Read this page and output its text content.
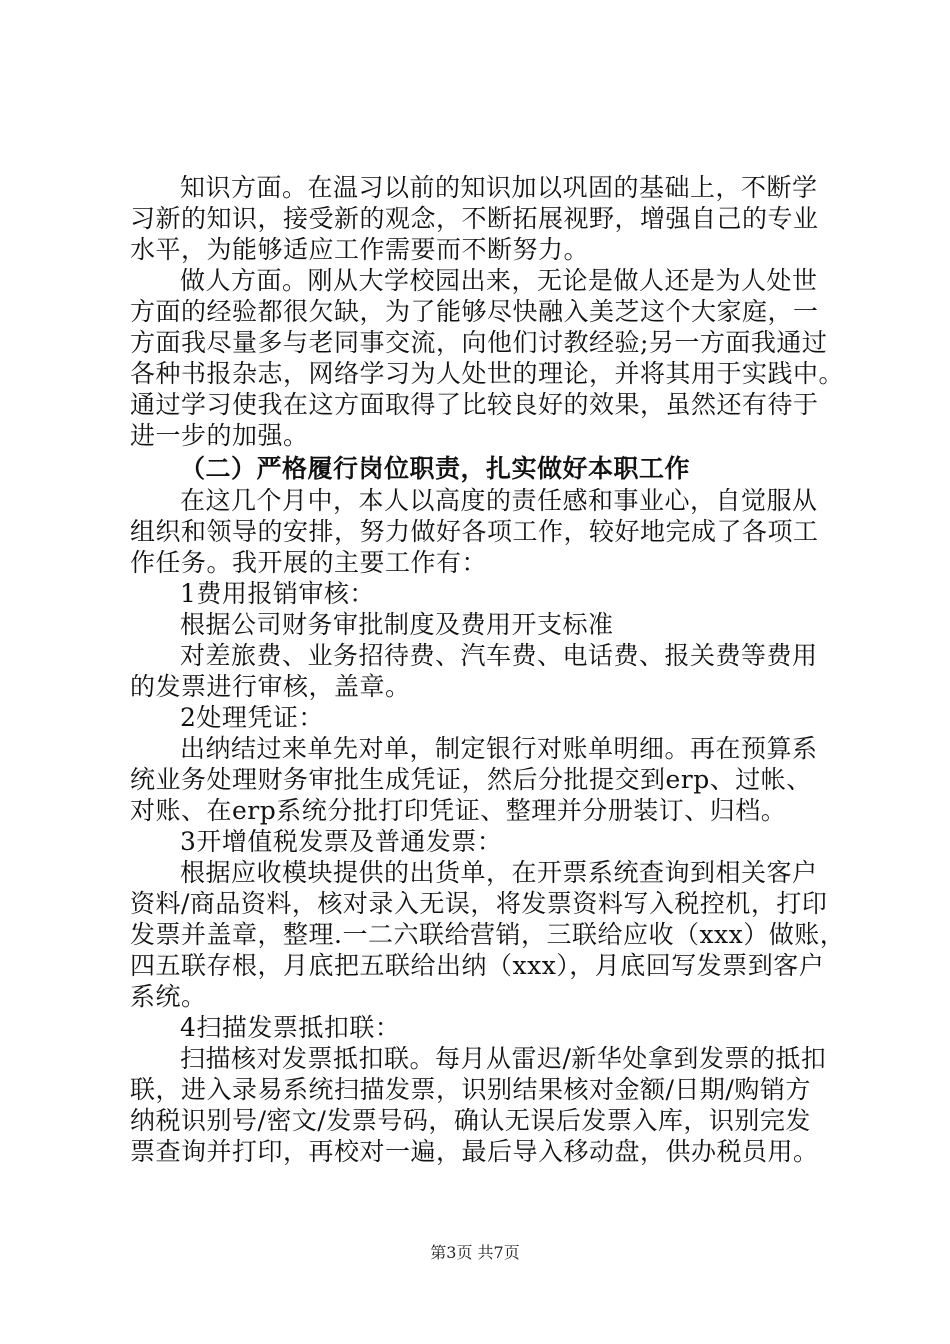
知识方面。在温习以前的知识加以巩固的基础上，不断学
习新的知识，接受新的观念，不断拓展视野，增强自己的专业
水平，为能够适应工作需要而不断努力。
做人方面。刚从大学校园出来，无论是做人还是为人处世
方面的经验都很欠缺，为了能够尽快融入美芝这个大家庭，一
方面我尽量多与老同事交流，向他们讨教经验;另一方面我通过
各种书报杂志，网络学习为人处世的理论，并将其用于实践中。
通过学习使我在这方面取得了比较良好的效果，虽然还有待于
进一步的加强。
（二）严格履行岗位职责，扎实做好本职工作
在这几个月中，本人以高度的责任感和事业心，自觉服从
组织和领导的安排，努力做好各项工作，较好地完成了各项工
作任务。我开展的主要工作有：
1费用报销审核：
根据公司财务审批制度及费用开支标准
对差旅费、业务招待费、汽车费、电话费、报关费等费用
的发票进行审核，盖章。
2处理凭证：
出纳结过来单先对单，制定银行对账单明细。再在预算系
统业务处理财务审批生成凭证，然后分批提交到erp、过帐、
对账、在erp系统分批打印凭证、整理并分册装订、归档。
3开增值税发票及普通发票：
根据应收模块提供的出货单，在开票系统查询到相关客户
资料/商品资料，核对录入无误，将发票资料写入税控机，打印
发票并盖章，整理.一二六联给营销，三联给应收（xxx）做账，
四五联存根，月底把五联给出纳（xxx），月底回写发票到客户
系统。
4扫描发票抵扣联：
扫描核对发票抵扣联。每月从雷迟/新华处拿到发票的抵扣
联，进入录易系统扫描发票，识别结果核对金额/日期/购销方
纳税识别号/密文/发票号码，确认无误后发票入库，识别完发
票查询并打印，再校对一遍，最后导入移动盘，供办税员用。
第3页 共7页
